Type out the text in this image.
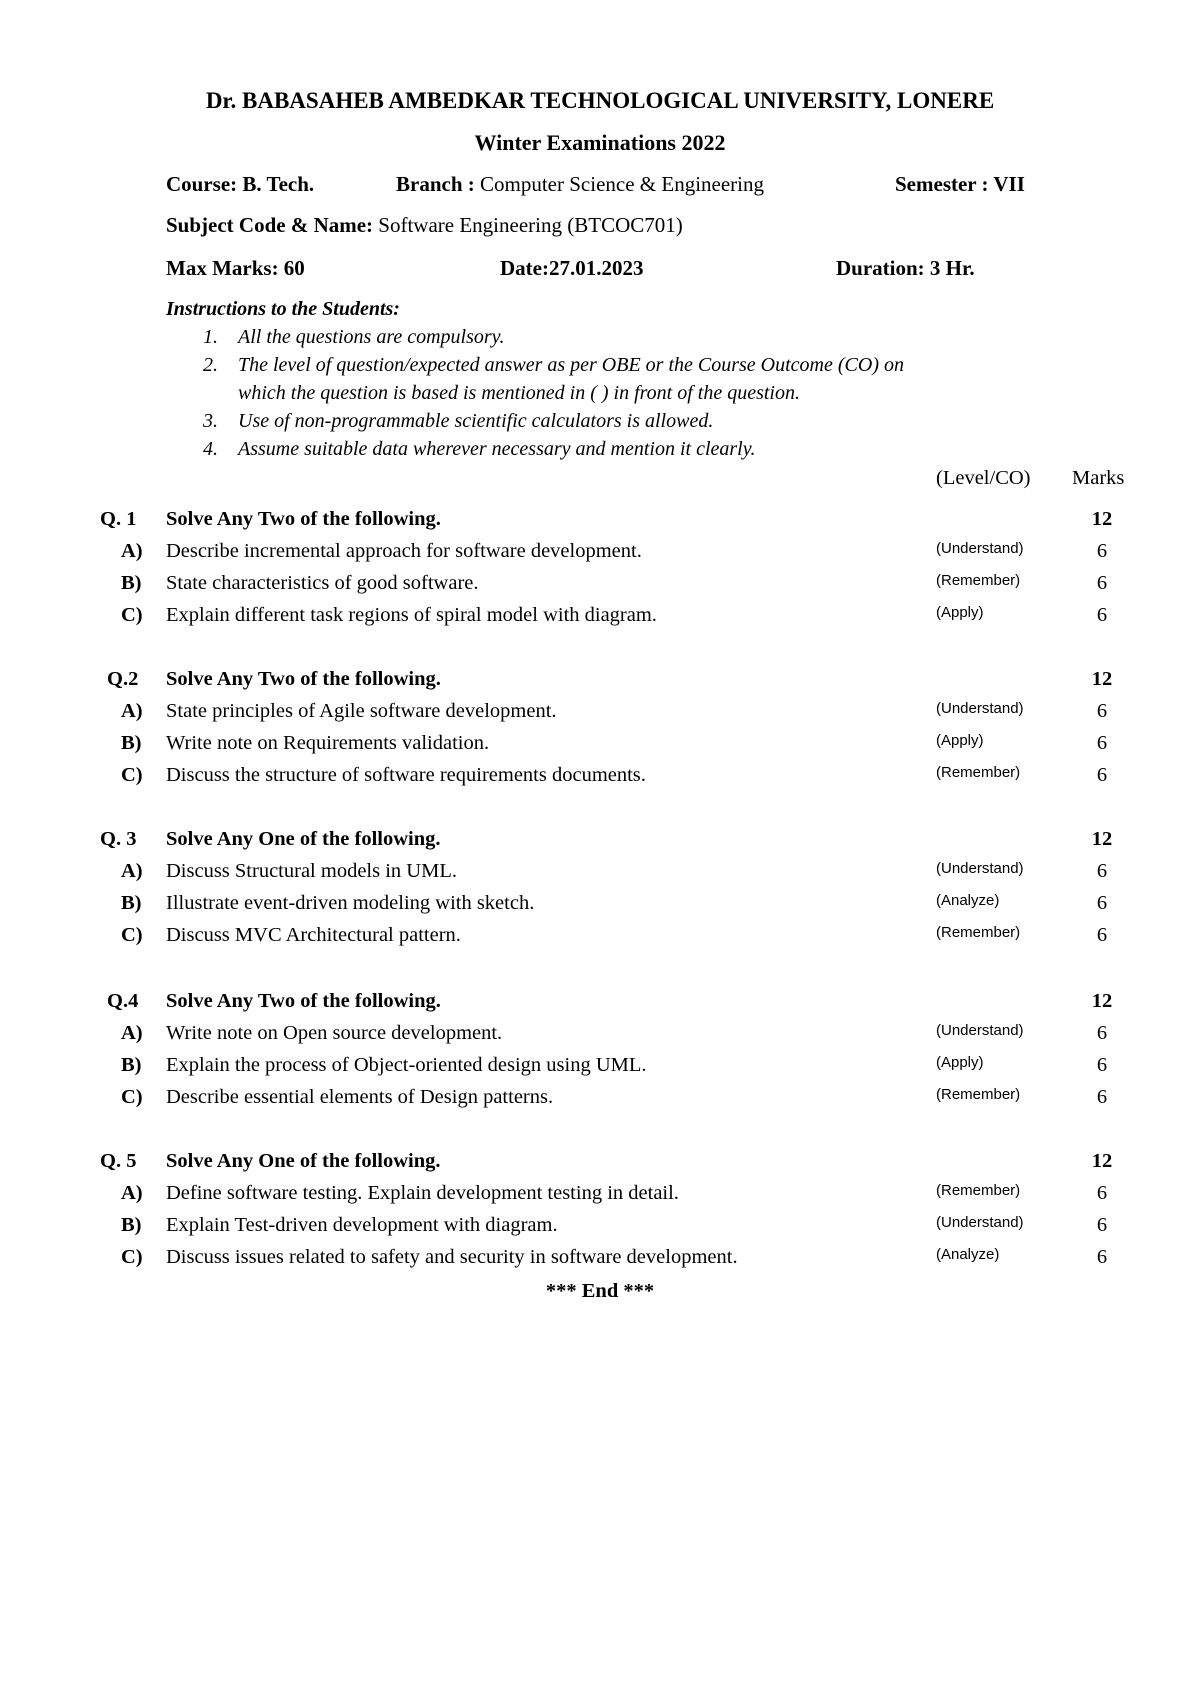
Dr. BABASAHEB AMBEDKAR TECHNOLOGICAL UNIVERSITY, LONERE
Winter Examinations 2022
Course: B. Tech.	Branch : Computer Science & Engineering	Semester : VII
Subject Code & Name: Software Engineering (BTCOC701)
Max Marks: 60	Date:27.01.2023	Duration: 3 Hr.
Instructions to the Students:
1. All the questions are compulsory.
2. The level of question/expected answer as per OBE or the Course Outcome (CO) on
which the question is based is mentioned in ( ) in front of the question.
3. Use of non-programmable scientific calculators is allowed.
4. Assume suitable data wherever necessary and mention it clearly.
(Level/CO) Marks
Q. 1 Solve Any Two of the following.	12
A) Describe incremental approach for software development.	(Understand)	6
B) State characteristics of good software.	(Remember)	6
C) Explain different task regions of spiral model with diagram.	(Apply)	6
Q.2 Solve Any Two of the following.	12
A) State principles of Agile software development.	(Understand)	6
B) Write note on Requirements validation.	(Apply)	6
C) Discuss the structure of software requirements documents.	(Remember)	6
Q. 3 Solve Any One of the following.	12
A) Discuss Structural models in UML.	(Understand)	6
B) Illustrate event-driven modeling with sketch.	(Analyze)	6
C) Discuss MVC Architectural pattern.	(Remember)	6
Q.4 Solve Any Two of the following.	12
A) Write note on Open source development.	(Understand)	6
B) Explain the process of Object-oriented design using UML.	(Apply)	6
C) Describe essential elements of Design patterns.	(Remember)	6
Q. 5 Solve Any One of the following.	12
A) Define software testing. Explain development testing in detail.	(Remember)	6
B) Explain Test-driven development with diagram.	(Understand)	6
C) Discuss issues related to safety and security in software development.	(Analyze)	6
*** End ***
